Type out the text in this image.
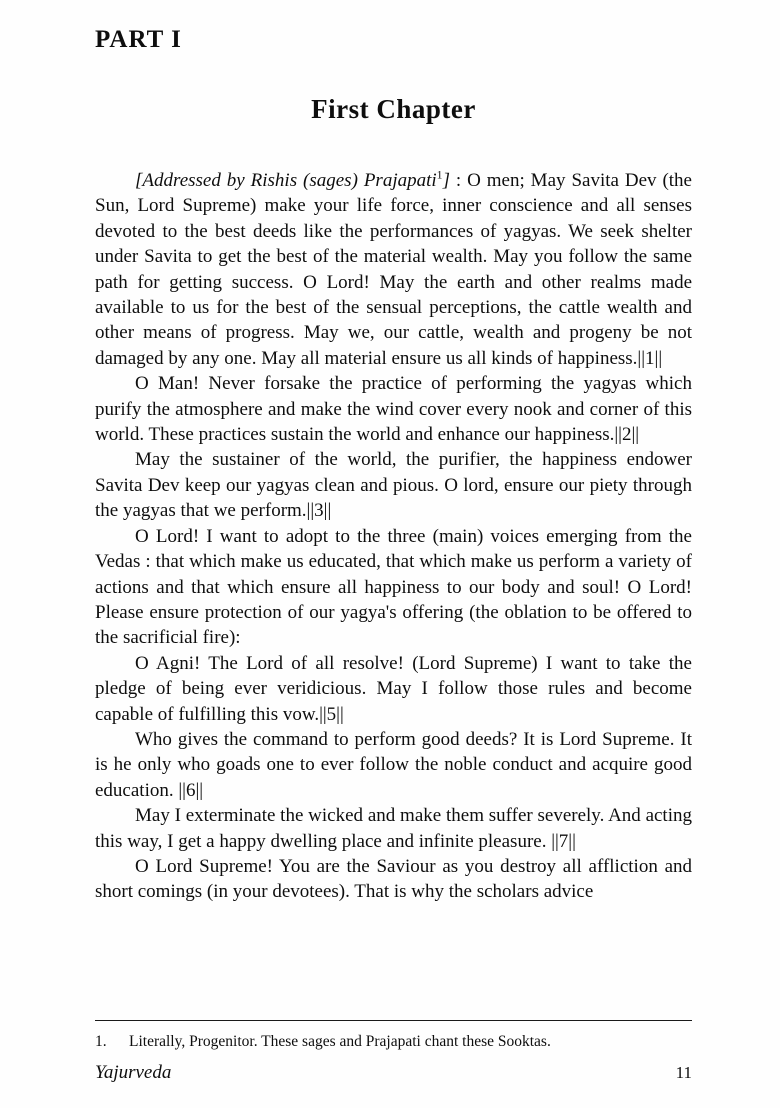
PART I
First Chapter

[Addressed by Rishis (sages) Prajapati$^1$] : O men; May Savita Dev (the Sun, Lord Supreme) make your life force, inner conscience and all senses devoted to the best deeds like the performances of yagyas. We seek shelter under Savita to get the best of the material wealth. May you follow the same path for getting success. O Lord! May the earth and other realms made available to us for the best of the sensual perceptions, the cattle wealth and other means of progress. May we, our cattle, wealth and progeny be not damaged by any one. May all material ensure us all kinds of happiness.||1||

O Man! Never forsake the practice of performing the yagyas which purify the atmosphere and make the wind cover every nook and corner of this world. These practices sustain the world and enhance our happiness.||2||

May the sustainer of the world, the purifier, the happiness endower Savita Dev keep our yagyas clean and pious. O lord, ensure our piety through the yagyas that we perform.||3||

O Lord! I want to adopt to the three (main) voices emerging from the Vedas : that which make us educated, that which make us perform a variety of actions and that which ensure all happiness to our body and soul! O Lord! Please ensure protection of our yagya's offering (the oblation to be offered to the sacrificial fire):

O Agni! The Lord of all resolve! (Lord Supreme) I want to take the pledge of being ever veridicious. May I follow those rules and become capable of fulfilling this vow.||5||

Who gives the command to perform good deeds? It is Lord Supreme. It is he only who goads one to ever follow the noble conduct and acquire good education. ||6||

May I exterminate the wicked and make them suffer severely. And acting this way, I get a happy dwelling place and infinite pleasure. ||7||

O Lord Supreme! You are the Saviour as you destroy all affliction and short comings (in your devotees). That is why the scholars advice

1. Literally, Progenitor. These sages and Prajapati chant these Sooktas.
Yajurveda	11
